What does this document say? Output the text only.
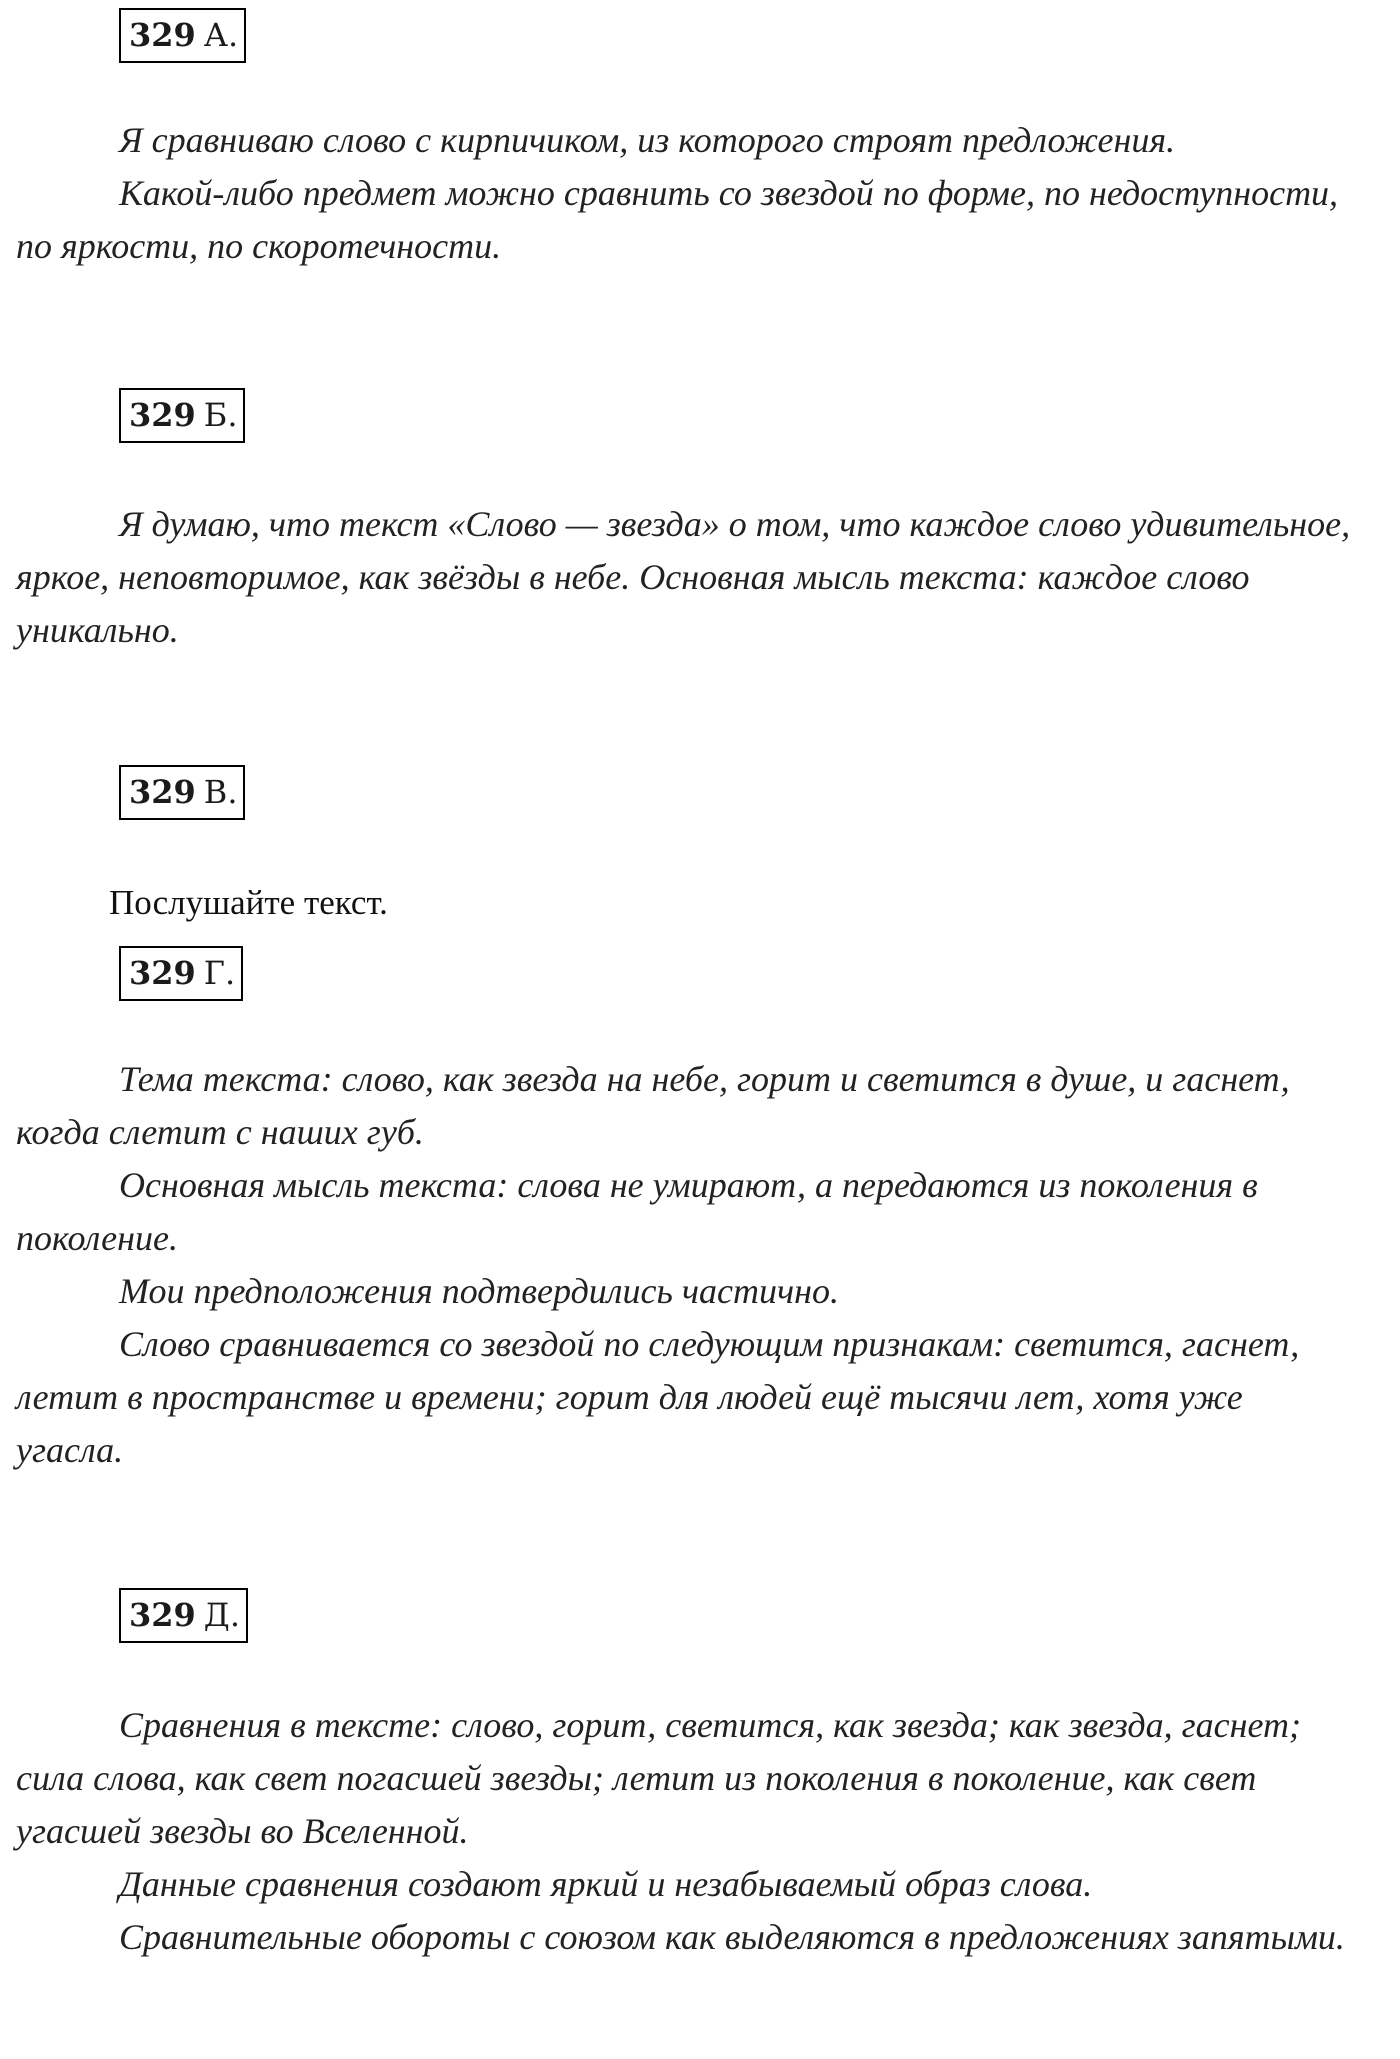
329 А.

Я сравниваю слово с кирпичиком, из которого строят предложения.

Какой-либо предмет можно сравнить со звездой по форме, по недоступности, по яркости, по скоротечности.

329 Б.

Я думаю, что текст «Слово — звезда» о том, что каждое слово удивительное, яркое, неповторимое, как звёзды в небе. Основная мысль текста: каждое слово уникально.

329 В.

Послушайте текст.

329 Г.

Тема текста: слово, как звезда на небе, горит и светится в душе, и гаснет, когда слетит с наших губ.

Основная мысль текста: слова не умирают, а передаются из поколения в поколение.

Мои предположения подтвердились частично.

Слово сравнивается со звездой по следующим признакам: светится, гаснет, летит в пространстве и времени; горит для людей ещё тысячи лет, хотя уже угасла.

329 Д.

Сравнения в тексте: слово, горит, светится, как звезда; как звезда, гаснет; сила слова, как свет погасшей звезды; летит из поколения в поколение, как свет угасшей звезды во Вселенной.

Данные сравнения создают яркий и незабываемый образ слова.

Сравнительные обороты с союзом как выделяются в предложениях запятыми.
